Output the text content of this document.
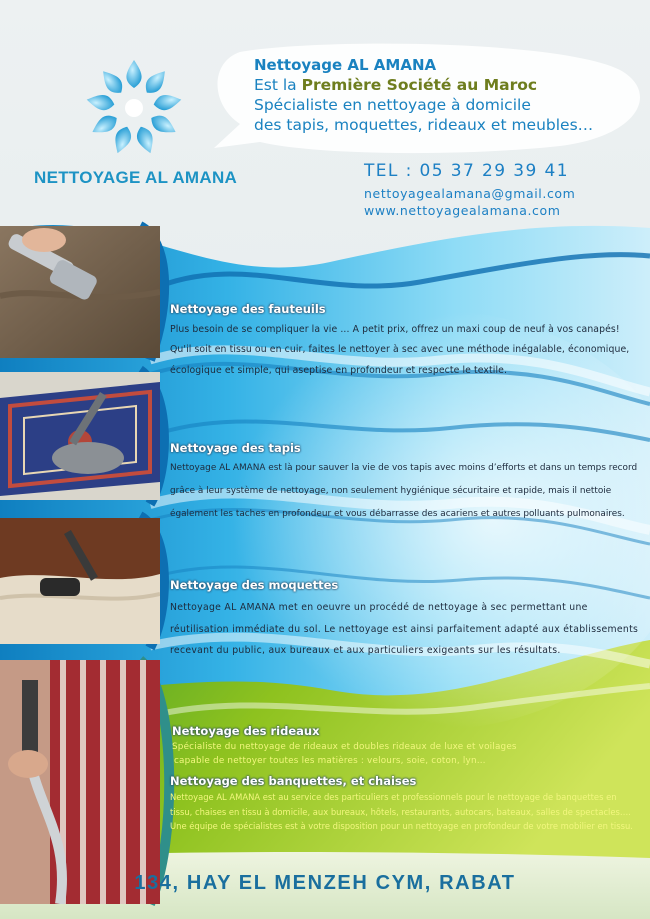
NETTOYAGE AL AMANA
Nettoyage AL AMANA
Est la Première Société au Maroc
Spécialiste en nettoyage à domicile
des tapis, moquettes, rideaux et meubles…
TEL : 05 37 29 39 41
nettoyagealamana@gmail.com
www.nettoyagealamana.com
Nettoyage des fauteuils

Plus besoin de se compliquer la vie ... A petit prix, offrez un maxi coup de neuf à vos canapés! Qu'il soit en tissu ou en cuir, faites le nettoyer à sec avec une méthode inégalable, économique, écologique et simple, qui aseptise en profondeur et respecte le textile.

Nettoyage des tapis

Nettoyage AL AMANA est là pour sauver la vie de vos tapis avec moins d’efforts et dans un temps record grâce à leur système de nettoyage, non seulement hygiénique sécuritaire et rapide, mais il nettoie également les taches en profondeur et vous débarrasse des acariens et autres polluants pulmonaires.

Nettoyage des moquettes

Nettoyage AL AMANA met en oeuvre un procédé de nettoyage à sec permettant une réutilisation immédiate du sol. Le nettoyage est ainsi parfaitement adapté aux établissements recevant du public, aux bureaux et aux particuliers exigeants sur les résultats.

Nettoyage des rideaux

Spécialiste du nettoyage de rideaux et doubles rideaux de luxe et voilages

capable de nettoyer toutes les matières : velours, soie, coton, lyn…

Nettoyage des banquettes, et chaises

Nettoyage AL AMANA est au service des particuliers et professionnels pour le nettoyage de banquettes en tissu, chaises en tissu à domicile, aux bureaux, hôtels, restaurants, autocars, bateaux, salles de spectacles…. Une équipe de spécialistes est à votre disposition pour un nettoyage en profondeur de votre mobilier en tissu.

134, HAY EL MENZEH CYM, RABAT
